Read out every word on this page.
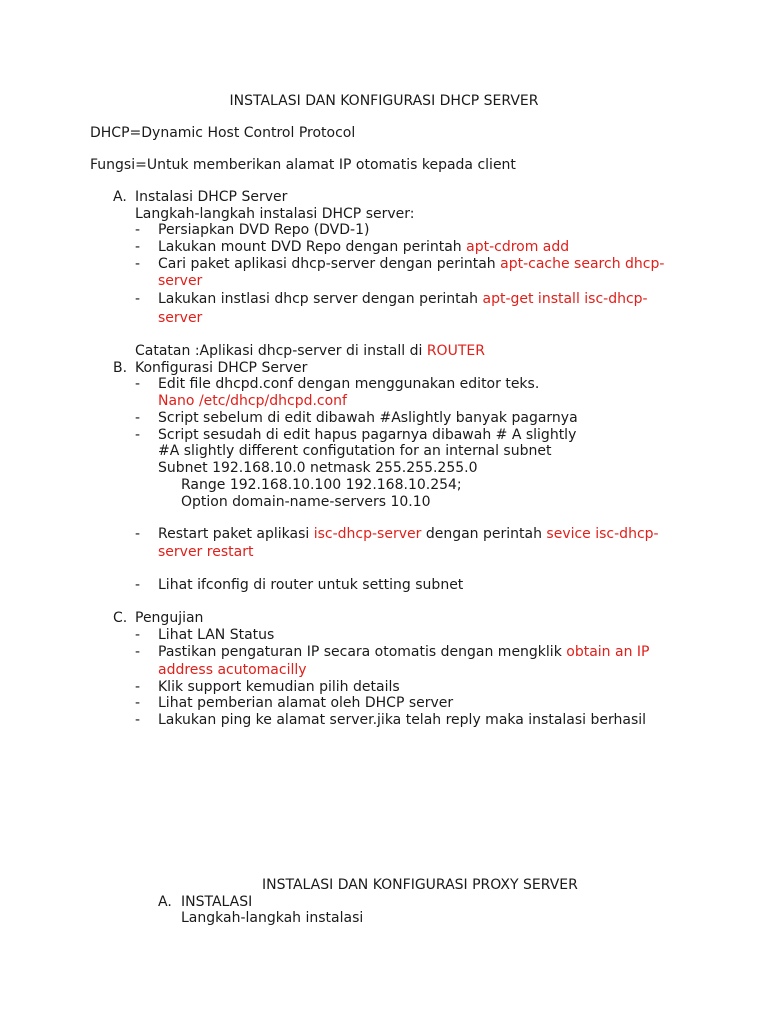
INSTALASI DAN KONFIGURASI DHCP SERVER
DHCP=Dynamic Host Control Protocol
Fungsi=Untuk memberikan alamat IP otomatis kepada client
A. Instalasi DHCP Server
Langkah-langkah instalasi DHCP server:
- Persiapkan DVD Repo (DVD-1)
- Lakukan mount DVD Repo dengan perintah apt-cdrom add
- Cari paket aplikasi dhcp-server dengan perintah apt-cache search dhcp-
server
- Lakukan instlasi dhcp server dengan perintah apt-get install isc-dhcp-
server
Catatan :Aplikasi dhcp-server di install di ROUTER
B. Konfigurasi DHCP Server
- Edit file dhcpd.conf dengan menggunakan editor teks.
Nano /etc/dhcp/dhcpd.conf
- Script sebelum di edit dibawah #Aslightly banyak pagarnya
- Script sesudah di edit hapus pagarnya dibawah # A slightly
#A slightly different configutation for an internal subnet
Subnet 192.168.10.0 netmask 255.255.255.0
Range 192.168.10.100 192.168.10.254;
Option domain-name-servers 10.10
- Restart paket aplikasi isc-dhcp-server dengan perintah sevice isc-dhcp-
server restart
- Lihat ifconfig di router untuk setting subnet
C. Pengujian
- Lihat LAN Status
- Pastikan pengaturan IP secara otomatis dengan mengklik obtain an IP
address acutomacilly
- Klik support kemudian pilih details
- Lihat pemberian alamat oleh DHCP server
- Lakukan ping ke alamat server.jika telah reply maka instalasi berhasil
INSTALASI DAN KONFIGURASI PROXY SERVER
A. INSTALASI
Langkah-langkah instalasi
